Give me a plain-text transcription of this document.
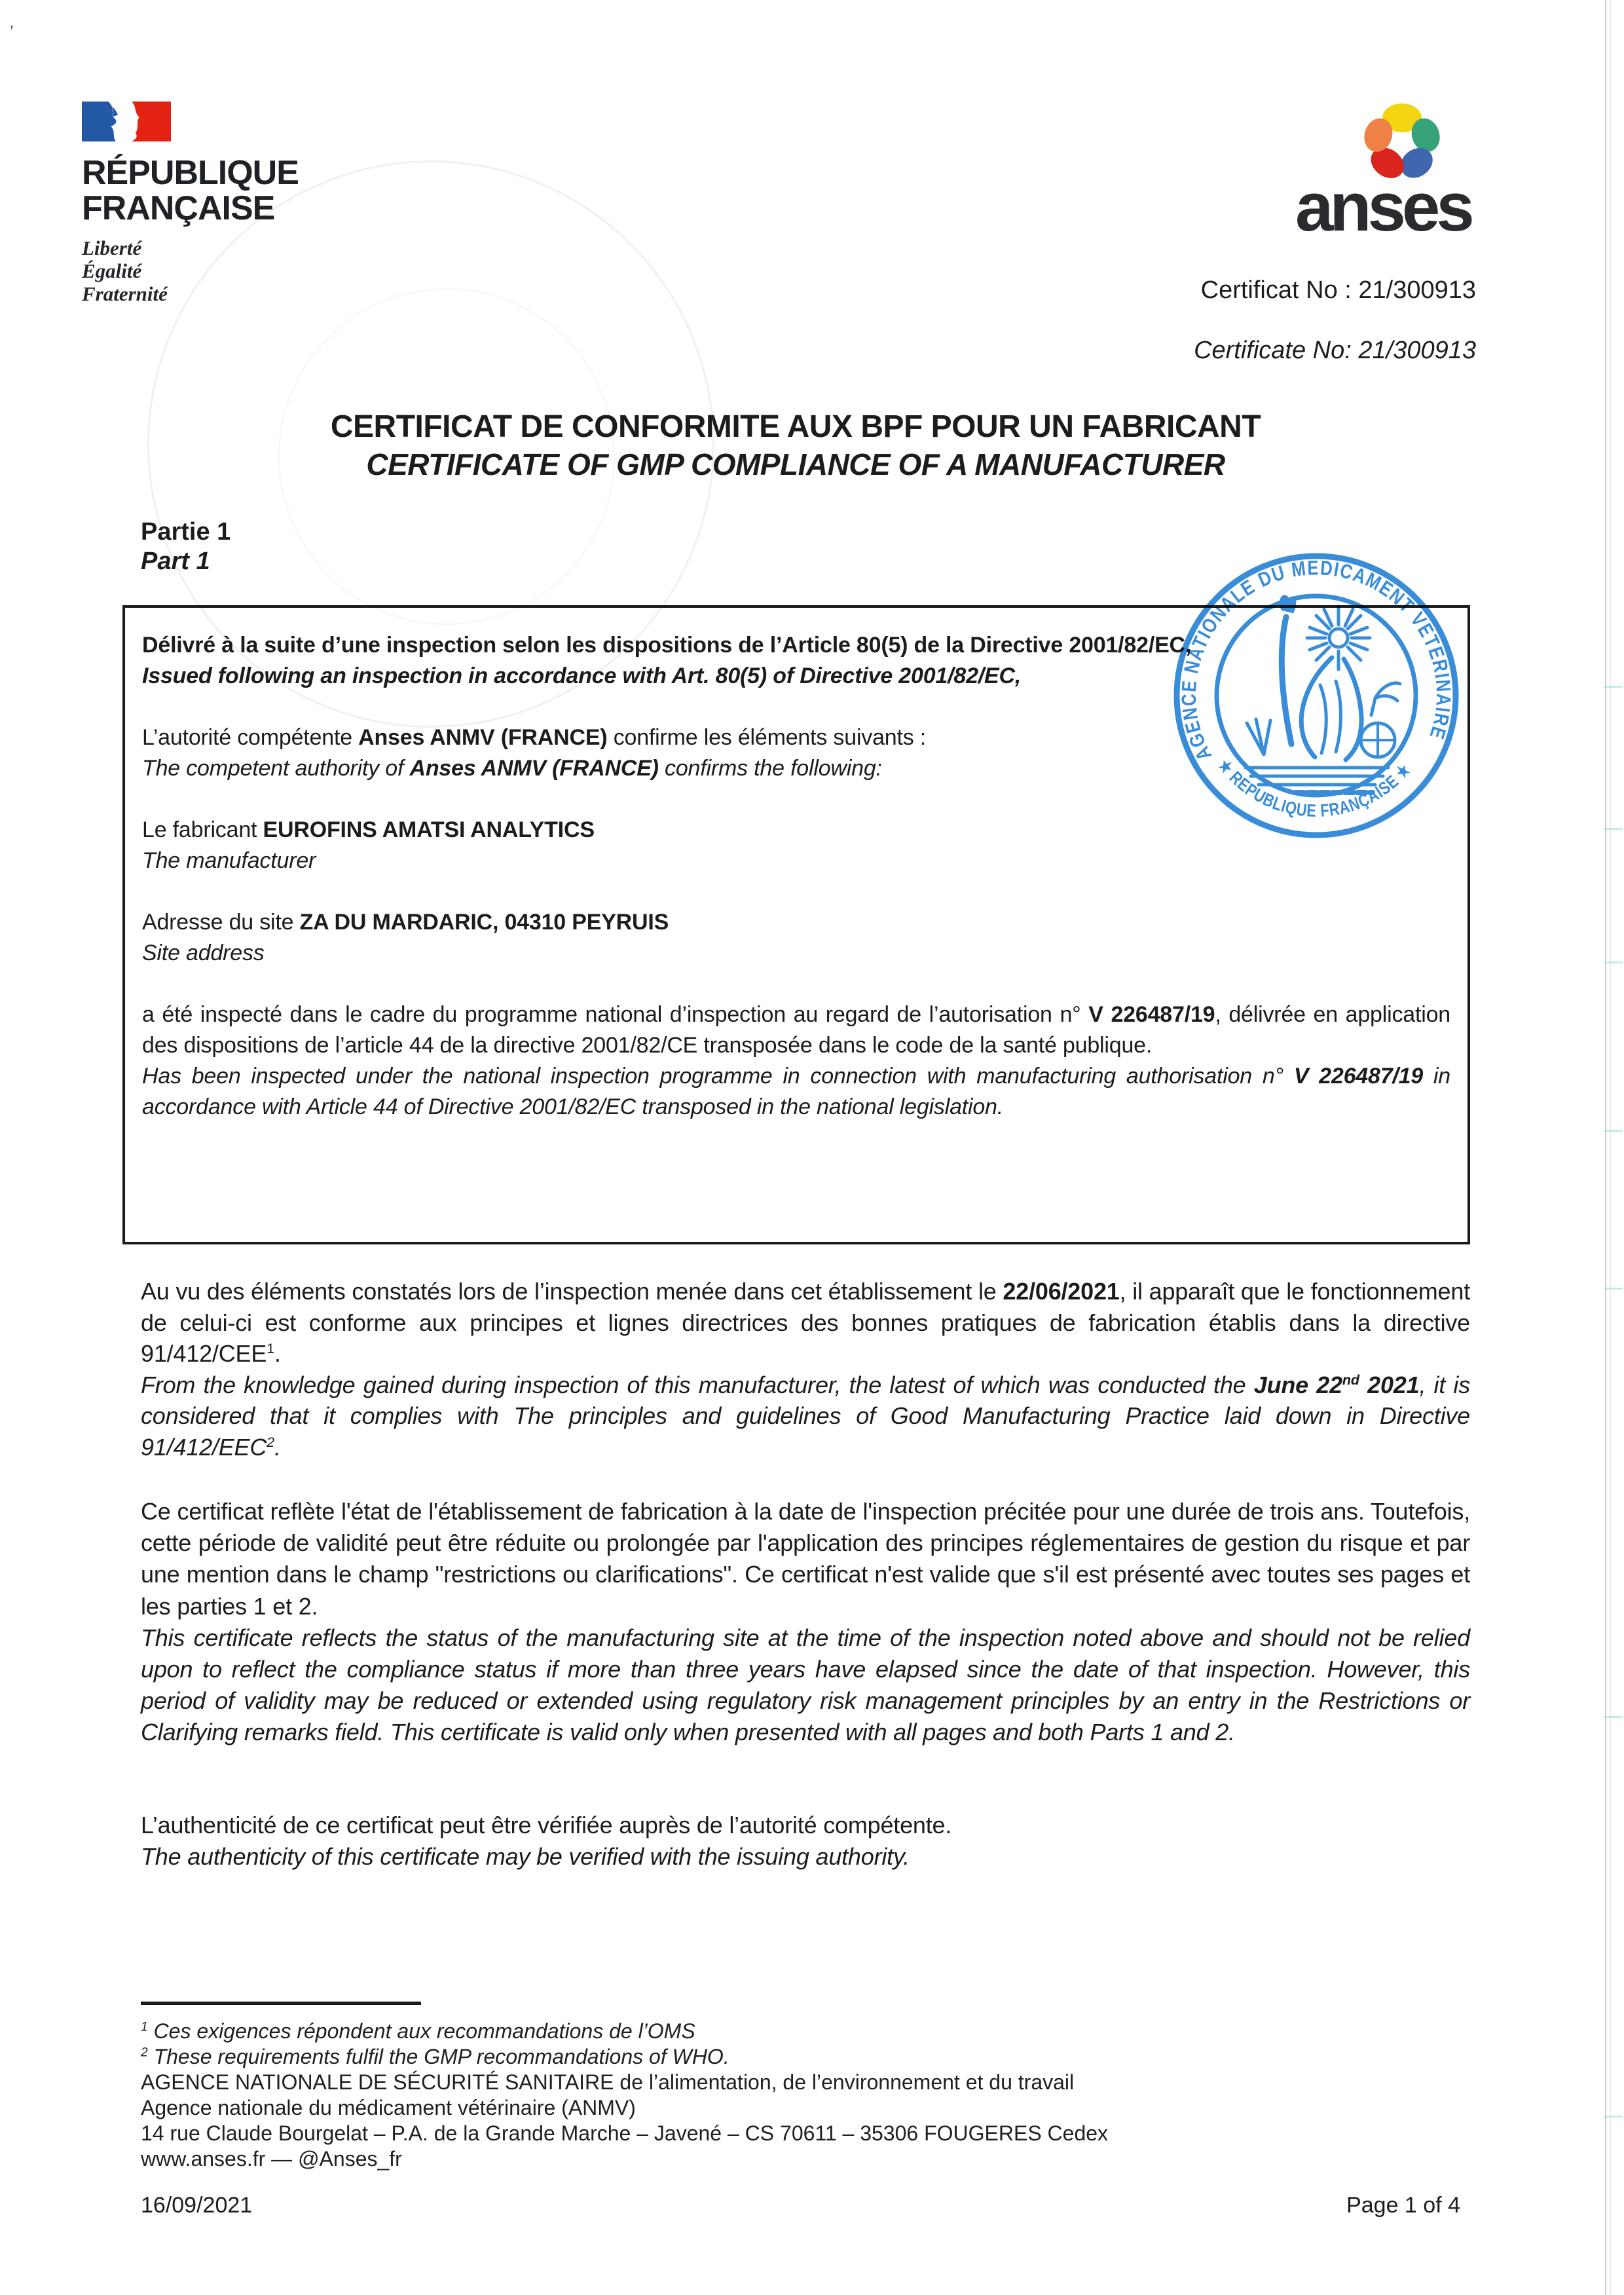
,
RÉPUBLIQUE
FRANÇAISE
Liberté
Égalité
Fraternité
anses
Certificat No : 21/300913
Certificate No: 21/300913
CERTIFICAT DE CONFORMITE AUX BPF POUR UN FABRICANT
CERTIFICATE OF GMP COMPLIANCE OF A MANUFACTURER
Partie 1
Part 1

Délivré à la suite d’une inspection selon les dispositions de l’Article 80(5) de la Directive 2001/82/EC,

Issued following an inspection in accordance with Art. 80(5) of Directive 2001/82/EC,

L’autorité compétente Anses ANMV (FRANCE) confirme les éléments suivants :

The competent authority of Anses ANMV (FRANCE) confirms the following:

Le fabricant EUROFINS AMATSI ANALYTICS

The manufacturer

Adresse du site ZA DU MARDARIC, 04310 PEYRUIS

Site address

a été inspecté dans le cadre du programme national d’inspection au regard de l’autorisation n° V 226487/19, délivrée en application des dispositions de l’article 44 de la directive 2001/82/CE transposée dans le code de la santé publique.

Has been inspected under the national inspection programme in connection with manufacturing authorisation n° V 226487/19 in accordance with Article 44 of Directive 2001/82/EC transposed in the national legislation.

AGENCE NATIONALE DU MEDICAMENT VETERINAIRE
★ REPUBLIQUE FRANÇAISE ★

Au vu des éléments constatés lors de l’inspection menée dans cet établissement le 22/06/2021, il apparaît que le fonctionnement de celui-ci est conforme aux principes et lignes directrices des bonnes pratiques de fabrication établis dans la directive 91/412/CEE$^1$.

From the knowledge gained during inspection of this manufacturer, the latest of which was conducted the June 22nd 2021, it is considered that it complies with The principles and guidelines of Good Manufacturing Practice laid down in Directive 91/412/EEC$^2$.

Ce certificat reflète l'état de l'établissement de fabrication à la date de l'inspection précitée pour une durée de trois ans. Toutefois, cette période de validité peut être réduite ou prolongée par l'application des principes réglementaires de gestion du risque et par une mention dans le champ "restrictions ou clarifications". Ce certificat n'est valide que s'il est présenté avec toutes ses pages et les parties 1 et 2.

This certificate reflects the status of the manufacturing site at the time of the inspection noted above and should not be relied upon to reflect the compliance status if more than three years have elapsed since the date of that inspection. However, this period of validity may be reduced or extended using regulatory risk management principles by an entry in the Restrictions or Clarifying remarks field. This certificate is valid only when presented with all pages and both Parts 1 and 2.

L’authenticité de ce certificat peut être vérifiée auprès de l’autorité compétente.

The authenticity of this certificate may be verified with the issuing authority.

$^1$ Ces exigences répondent aux recommandations de l’OMS
$^2$ These requirements fulfil the GMP recommandations of WHO.
AGENCE NATIONALE DE SÉCURITÉ SANITAIRE de l’alimentation, de l’environnement et du travail
Agence nationale du médicament vétérinaire (ANMV)
14 rue Claude Bourgelat – P.A. de la Grande Marche – Javené – CS 70611 – 35306 FOUGERES Cedex
www.anses.fr — @Anses_fr
16/09/2021	Page 1 of 4
